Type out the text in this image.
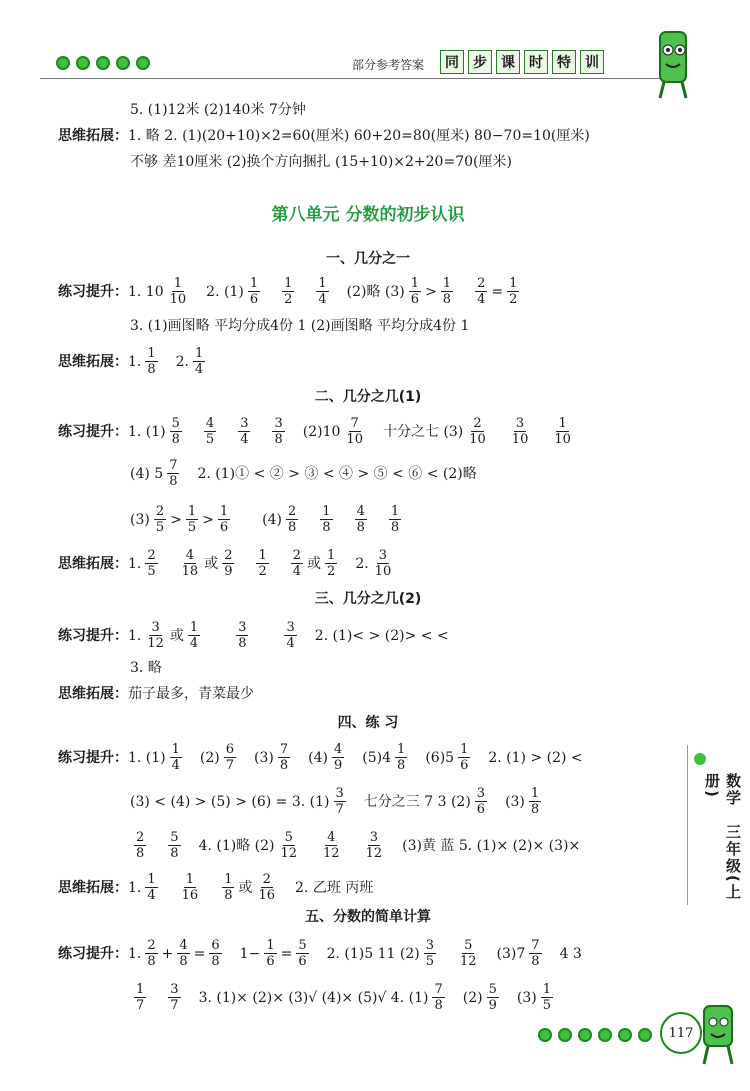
部分参考答案	同	步	课	时	特	训
5. (1)12米 (2)140米 7分钟
思维拓展： 1. 略 2. (1)(20+10)×2=60(厘米) 60+20=80(厘米) 80−70=10(厘米)
不够 差10厘米 (2)换个方向捆扎 (15+10)×2+20=70(厘米)
第八单元 分数的初步认识
一、几分之一
练习提升： 1. $10 \frac{1}{10} 2$. $(1) \frac{1}{6} \frac{1}{2} \frac{1}{4} (2)$略 $(3) \frac{1}{6} > \frac{1}{8} \frac{2}{4} = \frac{1}{2}$
3. (1)画图略 平均分成4份 1 (2)画图略 平均分成4份 1
思维拓展： 1. $\frac{1}{8} 2$. $\frac{1}{4}$
二、几分之几(1)
练习提升： 1. $(1) \frac{5}{8} \frac{4}{5} \frac{3}{4} \frac{3}{8} (2)10 \frac{7}{10}$ 十分之七 $(3) \frac{2}{10} \frac{3}{10} \frac{1}{10}$
(4) $5 \frac{7}{8} 2$. (1)① < ② > ③ < ④ > ⑤ < ⑥ < (2)略
$(3) \frac{2}{5} > \frac{1}{5} > \frac{1}{6} (4) \frac{2}{8} \frac{1}{8} \frac{4}{8} \frac{1}{8}$
思维拓展： 1. $\frac{2}{5} \frac{4}{18}$ 或 $\frac{2}{9} \frac{1}{2} \frac{2}{4}$ 或 $\frac{1}{2} 2$. $\frac{3}{10}$
三、几分之几(2)
练习提升： 1. $\frac{3}{12}$ 或 $\frac{1}{4}$	$\frac{3}{8}$	$\frac{3}{4} 2$. (1)< > (2)> < <
3. 略
思维拓展： 茄子最多，青菜最少
四、练 习
练习提升： 1. $(1) \frac{1}{4} (2) \frac{6}{7} (3) \frac{7}{8} (4) \frac{4}{9} (5)4 \frac{1}{8} (6)5 \frac{1}{6} 2$. (1) > (2) <
(3) < (4) > (5) > (6) = 3. $(1) \frac{3}{7}$ 七分之三 7 3 $(2) \frac{3}{6} (3) \frac{1}{8}$
$\frac{2}{8} \frac{5}{8} 4$. (1)略 $(2) \frac{5}{12} \frac{4}{12} \frac{3}{12} (3)$黄 蓝 5. (1)× (2)× (3)×
思维拓展： 1. $\frac{1}{4} \frac{1}{16} \frac{1}{8}$ 或 $\frac{2}{16} 2$. 乙班 丙班
五、分数的简单计算
练习提升： 1. $\frac{2}{8} + \frac{4}{8} = \frac{6}{8} 1- \frac{1}{6} = \frac{5}{6} 2$. (1)5 11 $(2) \frac{3}{5} \frac{5}{12} (3)7 \frac{7}{8} 4$ 3
$\frac{1}{7} \frac{3}{7} 3$. (1)× (2)× (3)√ (4)× (5)√ 4. $(1) \frac{7}{8} (2) \frac{5}{9} (3) \frac{1}{5}$
数学　三年级(上册)
117
